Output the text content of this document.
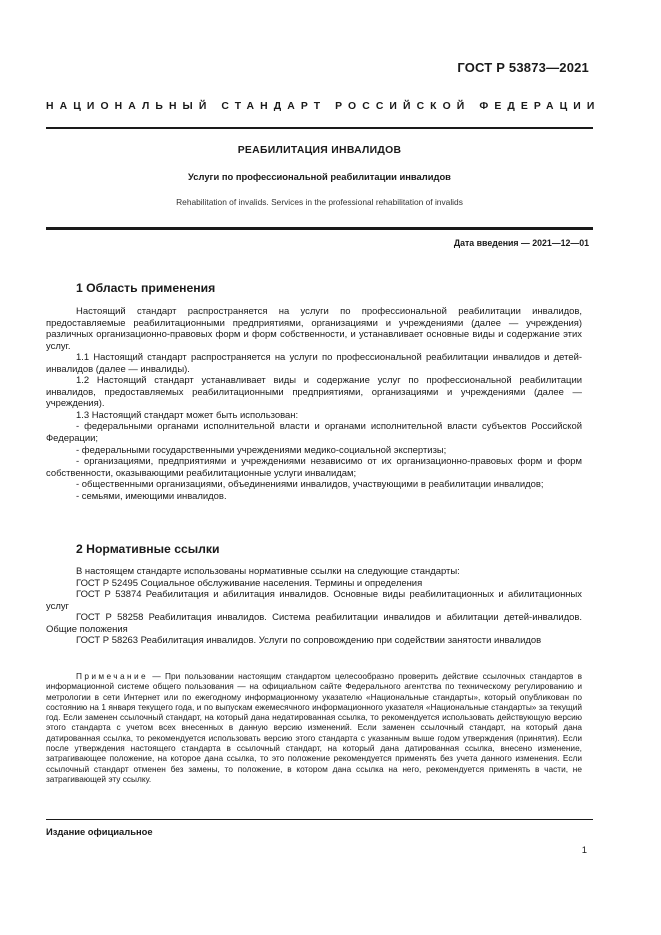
ГОСТ Р 53873—2021
НАЦИОНАЛЬНЫЙ СТАНДАРТ РОССИЙСКОЙ ФЕДЕРАЦИИ
РЕАБИЛИТАЦИЯ ИНВАЛИДОВ
Услуги по профессиональной реабилитации инвалидов
Rehabilitation of invalids. Services in the professional rehabilitation of invalids
Дата введения — 2021—12—01
1 Область применения

Настоящий стандарт распространяется на услуги по профессиональной реабилитации инвалидов, предоставляемые реабилитационными предприятиями, организациями и учреждениями (далее — учреждения) различных организационно-правовых форм и форм собственности, и устанавливает основные виды и содержание этих услуг.

1.1 Настоящий стандарт распространяется на услуги по профессиональной реабилитации инвалидов и детей-инвалидов (далее — инвалиды).

1.2 Настоящий стандарт устанавливает виды и содержание услуг по профессиональной реабилитации инвалидов, предоставляемых реабилитационными предприятиями, организациями и учреждениями (далее — учреждения).

1.3 Настоящий стандарт может быть использован:

- федеральными органами исполнительной власти и органами исполнительной власти субъектов Российской Федерации;

- федеральными государственными учреждениями медико-социальной экспертизы;

- организациями, предприятиями и учреждениями независимо от их организационно-правовых форм и форм собственности, оказывающими реабилитационные услуги инвалидам;

- общественными организациями, объединениями инвалидов, участвующими в реабилитации инвалидов;

- семьями, имеющими инвалидов.

2 Нормативные ссылки

В настоящем стандарте использованы нормативные ссылки на следующие стандарты:

ГОСТ Р 52495 Социальное обслуживание населения. Термины и определения

ГОСТ Р 53874 Реабилитация и абилитация инвалидов. Основные виды реабилитационных и абилитационных услуг

ГОСТ Р 58258 Реабилитация инвалидов. Система реабилитации инвалидов и абилитации детей-инвалидов. Общие положения

ГОСТ Р 58263 Реабилитация инвалидов. Услуги по сопровождению при содействии занятости инвалидов

Примечание — При пользовании настоящим стандартом целесообразно проверить действие ссылочных стандартов в информационной системе общего пользования — на официальном сайте Федерального агентства по техническому регулированию и метрологии в сети Интернет или по ежегодному информационному указателю «Национальные стандарты», который опубликован по состоянию на 1 января текущего года, и по выпускам ежемесячного информационного указателя «Национальные стандарты» за текущий год. Если заменен ссылочный стандарт, на который дана недатированная ссылка, то рекомендуется использовать действующую версию этого стандарта с учетом всех внесенных в данную версию изменений. Если заменен ссылочный стандарт, на который дана датированная ссылка, то рекомендуется использовать версию этого стандарта с указанным выше годом утверждения (принятия). Если после утверждения настоящего стандарта в ссылочный стандарт, на который дана датированная ссылка, внесено изменение, затрагивающее положение, на которое дана ссылка, то это положение рекомендуется применять без учета данного изменения. Если ссылочный стандарт отменен без замены, то положение, в котором дана ссылка на него, рекомендуется применять в части, не затрагивающей эту ссылку.

Издание официальное
1
